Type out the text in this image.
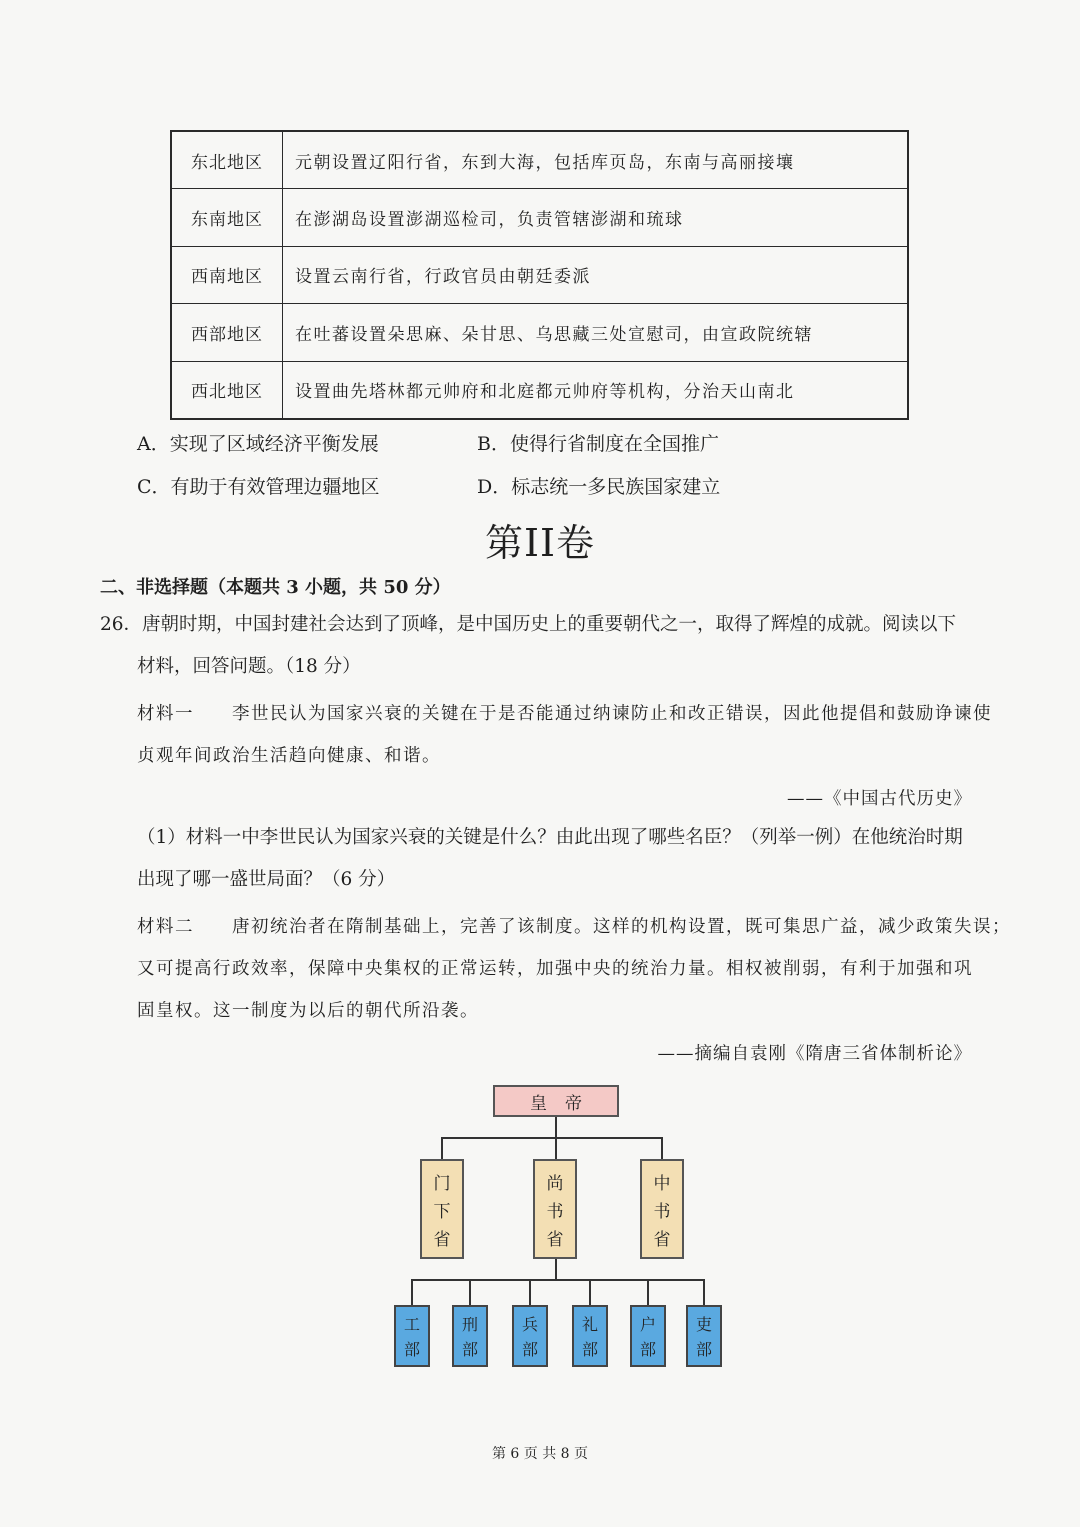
东北地区	元朝设置辽阳行省，东到大海，包括库页岛，东南与高丽接壤
东南地区	在澎湖岛设置澎湖巡检司，负责管辖澎湖和琉球
西南地区	设置云南行省，行政官员由朝廷委派
西部地区	在吐蕃设置朵思麻、朵甘思、乌思藏三处宣慰司，由宣政院统辖
西北地区	设置曲先塔林都元帅府和北庭都元帅府等机构，分治天山南北
A．实现了区域经济平衡发展	B．使得行省制度在全国推广
C．有助于有效管理边疆地区	D．标志统一多民族国家建立
第II卷
二、非选择题（本题共 3 小题，共 50 分）
26．唐朝时期，中国封建社会达到了顶峰，是中国历史上的重要朝代之一，取得了辉煌的成就。阅读以下
材料，回答问题。（18 分）
材料一　　李世民认为国家兴衰的关键在于是否能通过纳谏防止和改正错误，因此他提倡和鼓励诤谏使
贞观年间政治生活趋向健康、和谐。
——《中国古代历史》
（1）材料一中李世民认为国家兴衰的关键是什么？由此出现了哪些名臣？（列举一例）在他统治时期
出现了哪一盛世局面？（6 分）
材料二　　唐初统治者在隋制基础上，完善了该制度。这样的机构设置，既可集思广益，减少政策失误；
又可提高行政效率，保障中央集权的正常运转，加强中央的统治力量。相权被削弱，有利于加强和巩
固皇权。这一制度为以后的朝代所沿袭。
——摘编自袁刚《隋唐三省体制析论》
皇帝
门
下
省
尚
书
省
中
书
省
工
部
刑
部
兵
部
礼
部
户
部
吏
部
第 6 页 共 8 页
